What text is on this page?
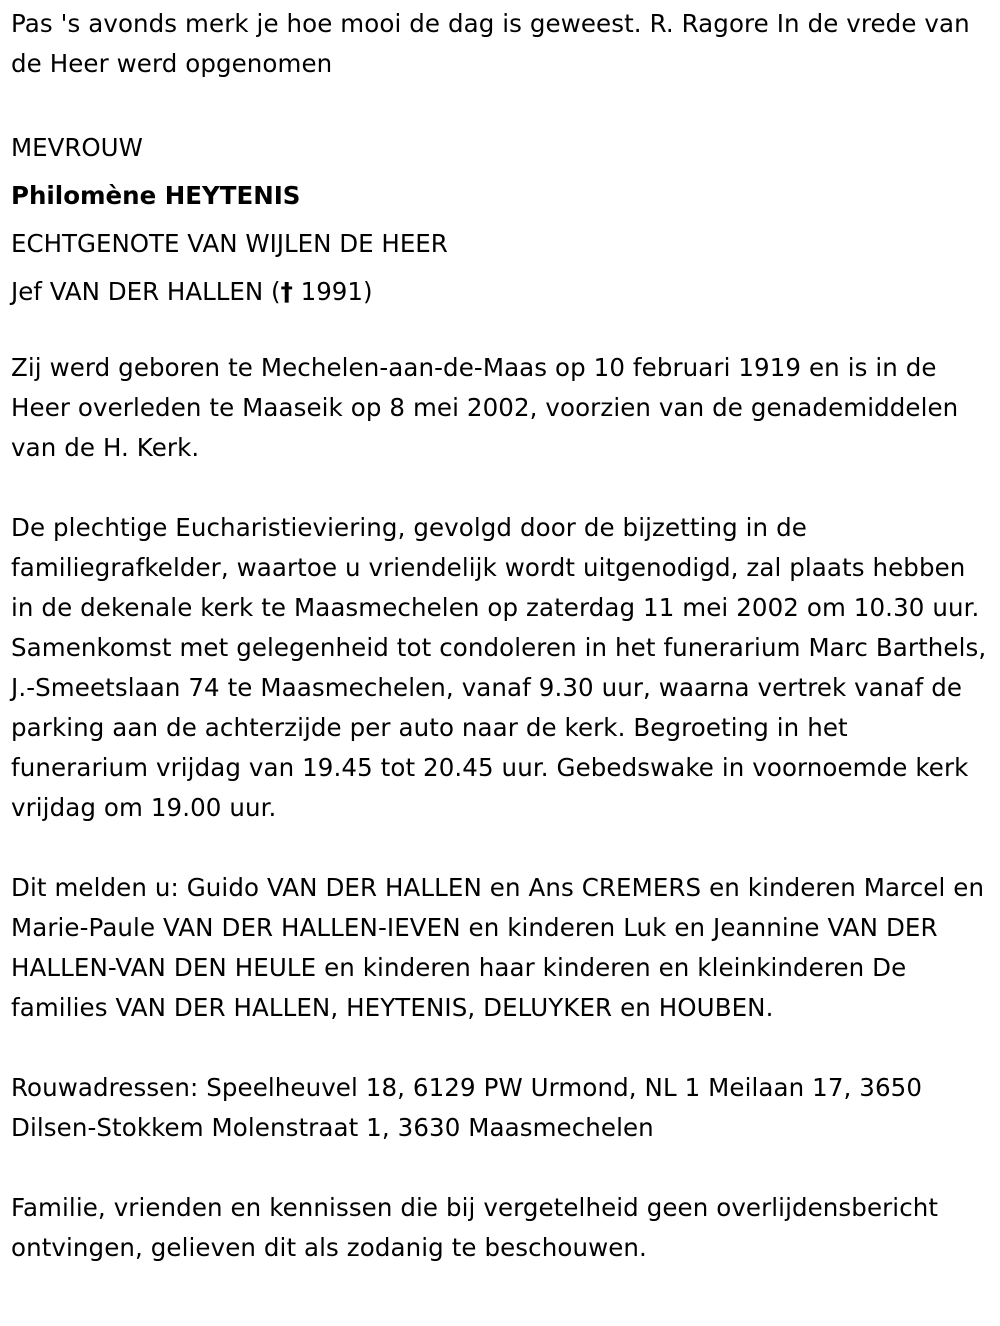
Pas 's avonds merk je hoe mooi de dag is geweest. R. Ragore In de vrede van de Heer werd opgenomen

MEVROUW

Philomène HEYTENIS

ECHTGENOTE VAN WIJLEN DE HEER

Jef VAN DER HALLEN († 1991)

Zij werd geboren te Mechelen-aan-de-Maas op 10 februari 1919 en is in de Heer overleden te Maaseik op 8 mei 2002, voorzien van de genademiddelen van de H. Kerk.

De plechtige Eucharistieviering, gevolgd door de bijzetting in de familiegrafkelder, waartoe u vriendelijk wordt uitgenodigd, zal plaats hebben in de dekenale kerk te Maasmechelen op zaterdag 11 mei 2002 om 10.30 uur. Samenkomst met gelegenheid tot condoleren in het funerarium Marc Barthels, J.-Smeetslaan 74 te Maasmechelen, vanaf 9.30 uur, waarna vertrek vanaf de parking aan de achterzijde per auto naar de kerk. Begroeting in het funerarium vrijdag van 19.45 tot 20.45 uur. Gebedswake in voornoemde kerk vrijdag om 19.00 uur.

Dit melden u: Guido VAN DER HALLEN en Ans CREMERS en kinderen Marcel en Marie-Paule VAN DER HALLEN-IEVEN en kinderen Luk en Jeannine VAN DER HALLEN-VAN DEN HEULE en kinderen haar kinderen en kleinkinderen De families VAN DER HALLEN, HEYTENIS, DELUYKER en HOUBEN.

Rouwadressen: Speelheuvel 18, 6129 PW Urmond, NL 1 Meilaan 17, 3650 Dilsen-Stokkem Molenstraat 1, 3630 Maasmechelen

Familie, vrienden en kennissen die bij vergetelheid geen overlijdensbericht ontvingen, gelieven dit als zodanig te beschouwen.
